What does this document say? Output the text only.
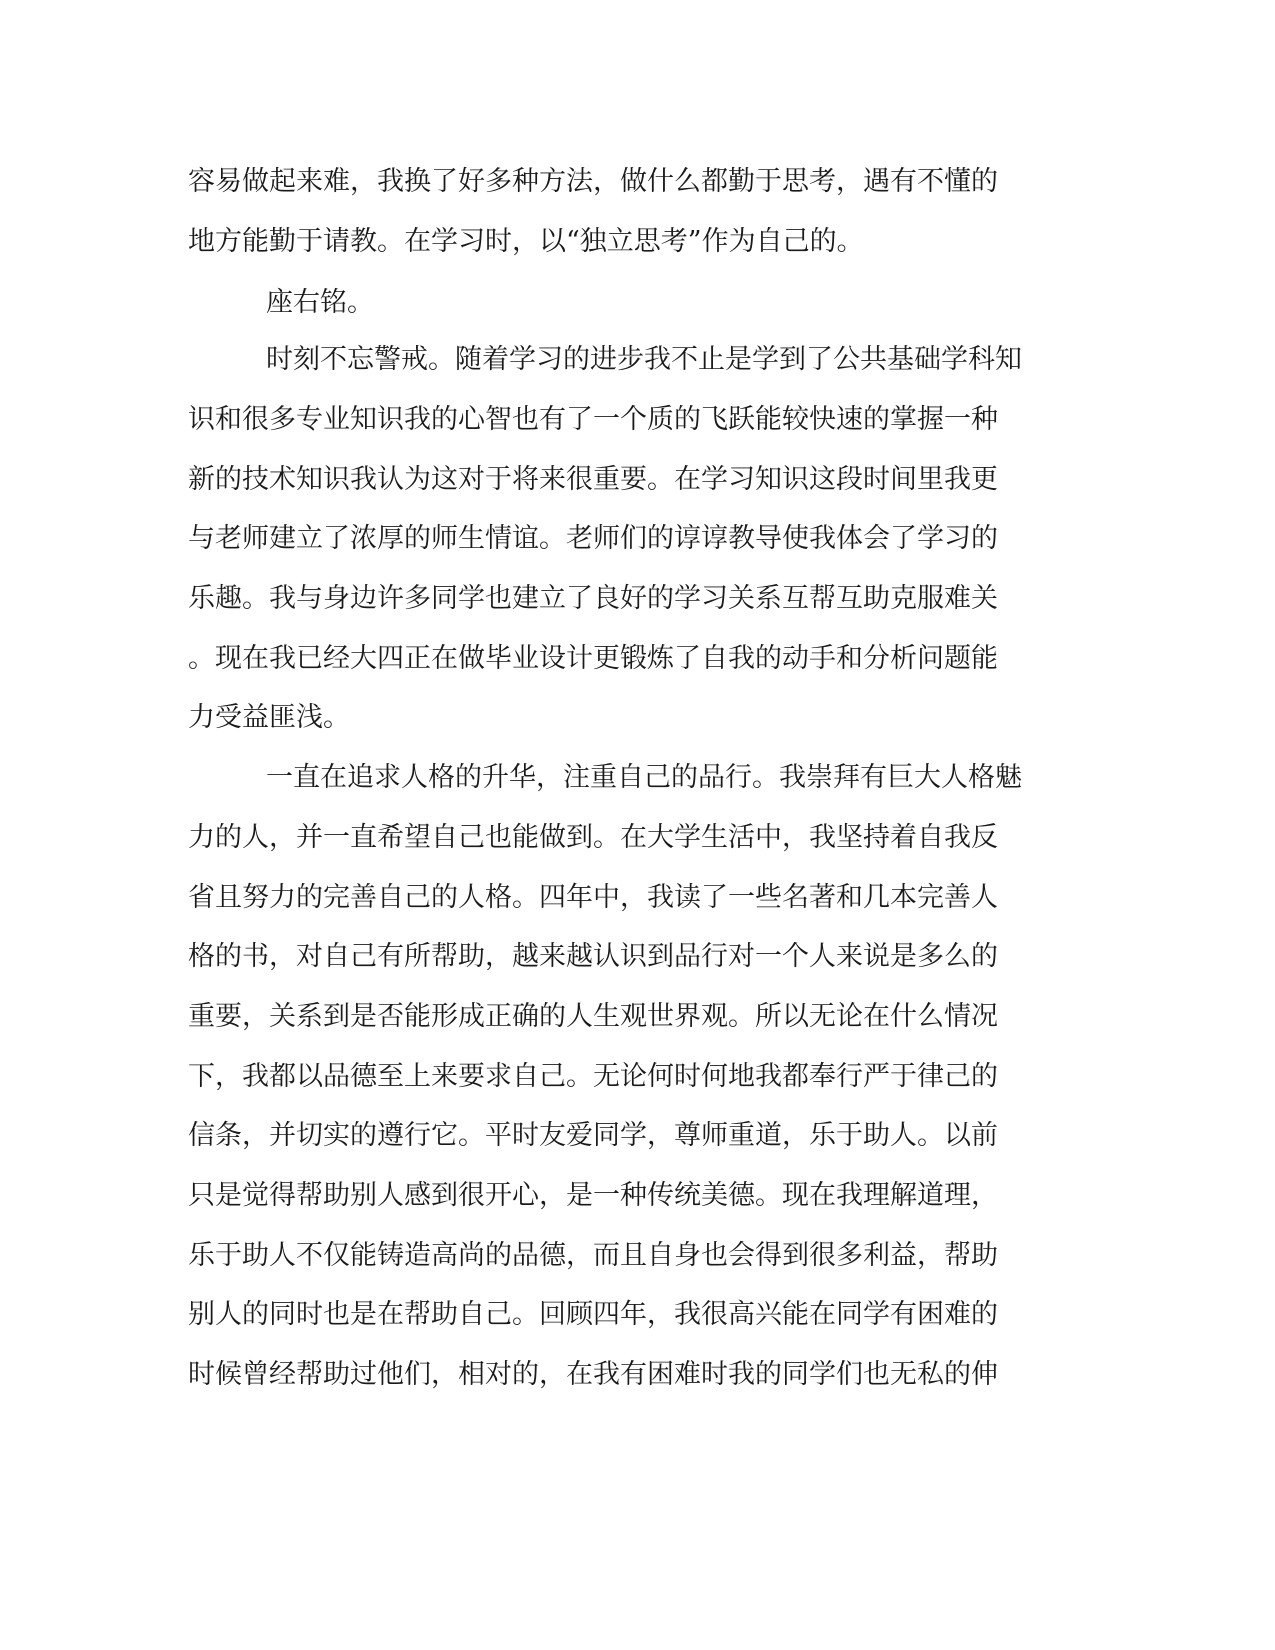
容易做起来难，我换了好多种方法，做什么都勤于思考，遇有不懂的
地方能勤于请教。在学习时，以“独立思考”作为自己的。
座右铭。
时刻不忘警戒。随着学习的进步我不止是学到了公共基础学科知
识和很多专业知识我的心智也有了一个质的飞跃能较快速的掌握一种
新的技术知识我认为这对于将来很重要。在学习知识这段时间里我更
与老师建立了浓厚的师生情谊。老师们的谆谆教导使我体会了学习的
乐趣。我与身边许多同学也建立了良好的学习关系互帮互助克服难关
。现在我已经大四正在做毕业设计更锻炼了自我的动手和分析问题能
力受益匪浅。
一直在追求人格的升华，注重自己的品行。我崇拜有巨大人格魅
力的人，并一直希望自己也能做到。在大学生活中，我坚持着自我反
省且努力的完善自己的人格。四年中，我读了一些名著和几本完善人
格的书，对自己有所帮助，越来越认识到品行对一个人来说是多么的
重要，关系到是否能形成正确的人生观世界观。所以无论在什么情况
下，我都以品德至上来要求自己。无论何时何地我都奉行严于律己的
信条，并切实的遵行它。平时友爱同学，尊师重道，乐于助人。以前
只是觉得帮助别人感到很开心，是一种传统美德。现在我理解道理，
乐于助人不仅能铸造高尚的品德，而且自身也会得到很多利益，帮助
别人的同时也是在帮助自己。回顾四年，我很高兴能在同学有困难的
时候曾经帮助过他们，相对的，在我有困难时我的同学们也无私的伸
